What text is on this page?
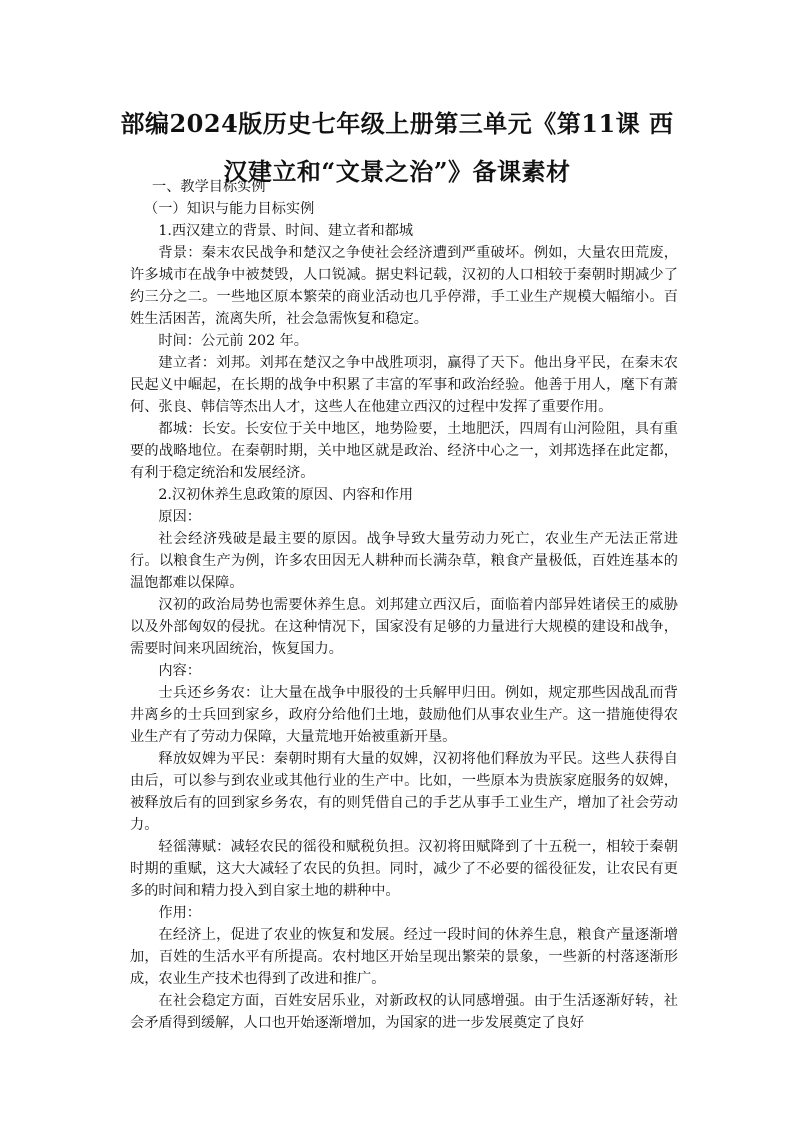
部编2024版历史七年级上册第三单元《第11课 西汉建立和“文景之治”》备课素材

一、教学目标实例

（一）知识与能力目标实例

1.西汉建立的背景、时间、建立者和都城

背景：秦末农民战争和楚汉之争使社会经济遭到严重破坏。例如，大量农田荒废，许多城市在战争中被焚毁，人口锐减。据史料记载，汉初的人口相较于秦朝时期减少了约三分之二。一些地区原本繁荣的商业活动也几乎停滞，手工业生产规模大幅缩小。百姓生活困苦，流离失所，社会急需恢复和稳定。

时间：公元前 202 年。

建立者：刘邦。刘邦在楚汉之争中战胜项羽，赢得了天下。他出身平民，在秦末农民起义中崛起，在长期的战争中积累了丰富的军事和政治经验。他善于用人，麾下有萧何、张良、韩信等杰出人才，这些人在他建立西汉的过程中发挥了重要作用。

都城：长安。长安位于关中地区，地势险要，土地肥沃，四周有山河险阻，具有重要的战略地位。在秦朝时期，关中地区就是政治、经济中心之一，刘邦选择在此定都，有利于稳定统治和发展经济。

2.汉初休养生息政策的原因、内容和作用

原因：

社会经济残破是最主要的原因。战争导致大量劳动力死亡，农业生产无法正常进行。以粮食生产为例，许多农田因无人耕种而长满杂草，粮食产量极低，百姓连基本的温饱都难以保障。

汉初的政治局势也需要休养生息。刘邦建立西汉后，面临着内部异姓诸侯王的威胁以及外部匈奴的侵扰。在这种情况下，国家没有足够的力量进行大规模的建设和战争，需要时间来巩固统治，恢复国力。

内容：

士兵还乡务农：让大量在战争中服役的士兵解甲归田。例如，规定那些因战乱而背井离乡的士兵回到家乡，政府分给他们土地，鼓励他们从事农业生产。这一措施使得农业生产有了劳动力保障，大量荒地开始被重新开垦。

释放奴婢为平民：秦朝时期有大量的奴婢，汉初将他们释放为平民。这些人获得自由后，可以参与到农业或其他行业的生产中。比如，一些原本为贵族家庭服务的奴婢，被释放后有的回到家乡务农，有的则凭借自己的手艺从事手工业生产，增加了社会劳动力。

轻徭薄赋：减轻农民的徭役和赋税负担。汉初将田赋降到了十五税一，相较于秦朝时期的重赋，这大大减轻了农民的负担。同时，减少了不必要的徭役征发，让农民有更多的时间和精力投入到自家土地的耕种中。

作用：

在经济上，促进了农业的恢复和发展。经过一段时间的休养生息，粮食产量逐渐增加，百姓的生活水平有所提高。农村地区开始呈现出繁荣的景象，一些新的村落逐渐形成，农业生产技术也得到了改进和推广。

在社会稳定方面，百姓安居乐业，对新政权的认同感增强。由于生活逐渐好转，社会矛盾得到缓解，人口也开始逐渐增加，为国家的进一步发展奠定了良好
